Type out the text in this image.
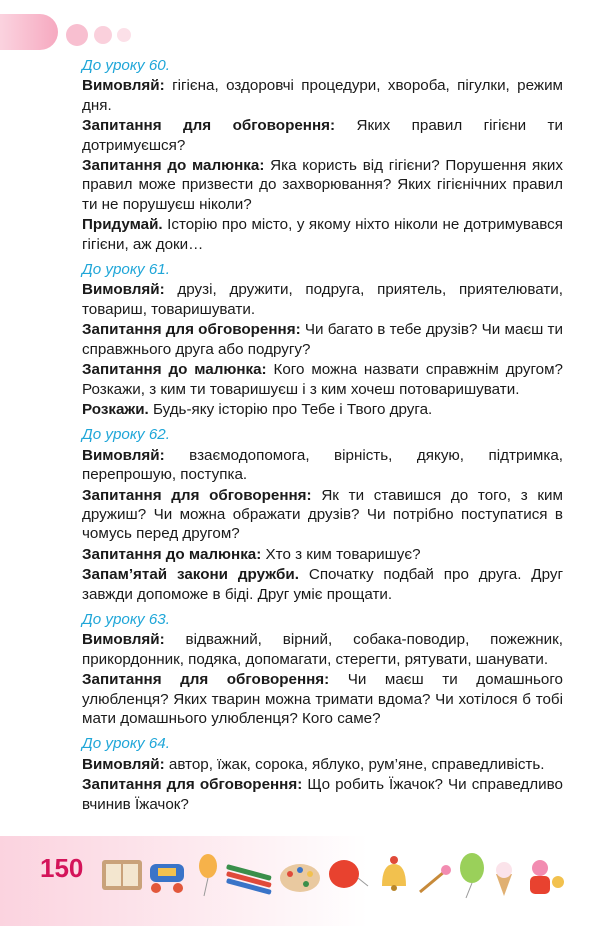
До уроку 60.

Вимовляй: гігієна, оздоровчі процедури, хвороба, пігулки, режим дня.

Запитання для обговорення: Яких правил гігієни ти дотримуєшся?

Запитання до малюнка: Яка користь від гігієни? Порушення яких правил може призвести до захворювання? Яких гігієнічних правил ти не порушуєш ніколи?

Придумай. Історію про місто, у якому ніхто ніколи не дотримувався гігієни, аж доки…

До уроку 61.

Вимовляй: друзі, дружити, подруга, приятель, приятелювати, товариш, товаришувати.

Запитання для обговорення: Чи багато в тебе друзів? Чи маєш ти справжнього друга або подругу?

Запитання до малюнка: Кого можна назвати справжнім другом? Розкажи, з ким ти товаришуєш і з ким хочеш потоваришувати.

Розкажи. Будь-яку історію про Тебе і Твого друга.

До уроку 62.

Вимовляй: взаємодопомога, вірність, дякую, підтримка, перепрошую, поступка.

Запитання для обговорення: Як ти ставишся до того, з ким дружиш? Чи можна ображати друзів? Чи потрібно поступатися в чомусь перед другом?

Запитання до малюнка: Хто з ким товаришує?

Запам’ятай закони дружби. Спочатку подбай про друга. Друг завжди допоможе в біді. Друг уміє прощати.

До уроку 63.

Вимовляй: відважний, вірний, собака-поводир, пожежник, прикордонник, подяка, допомагати, стерегти, рятувати, шанувати.

Запитання для обговорення: Чи маєш ти домашнього улюбленця? Яких тварин можна тримати вдома? Чи хотілося б тобі мати домашнього улюбленця? Кого саме?

До уроку 64.

Вимовляй: автор, їжак, сорока, яблуко, рум’яне, справедливість.

Запитання для обговорення: Що робить Їжачок? Чи справедливо вчинив Їжачок?

150
